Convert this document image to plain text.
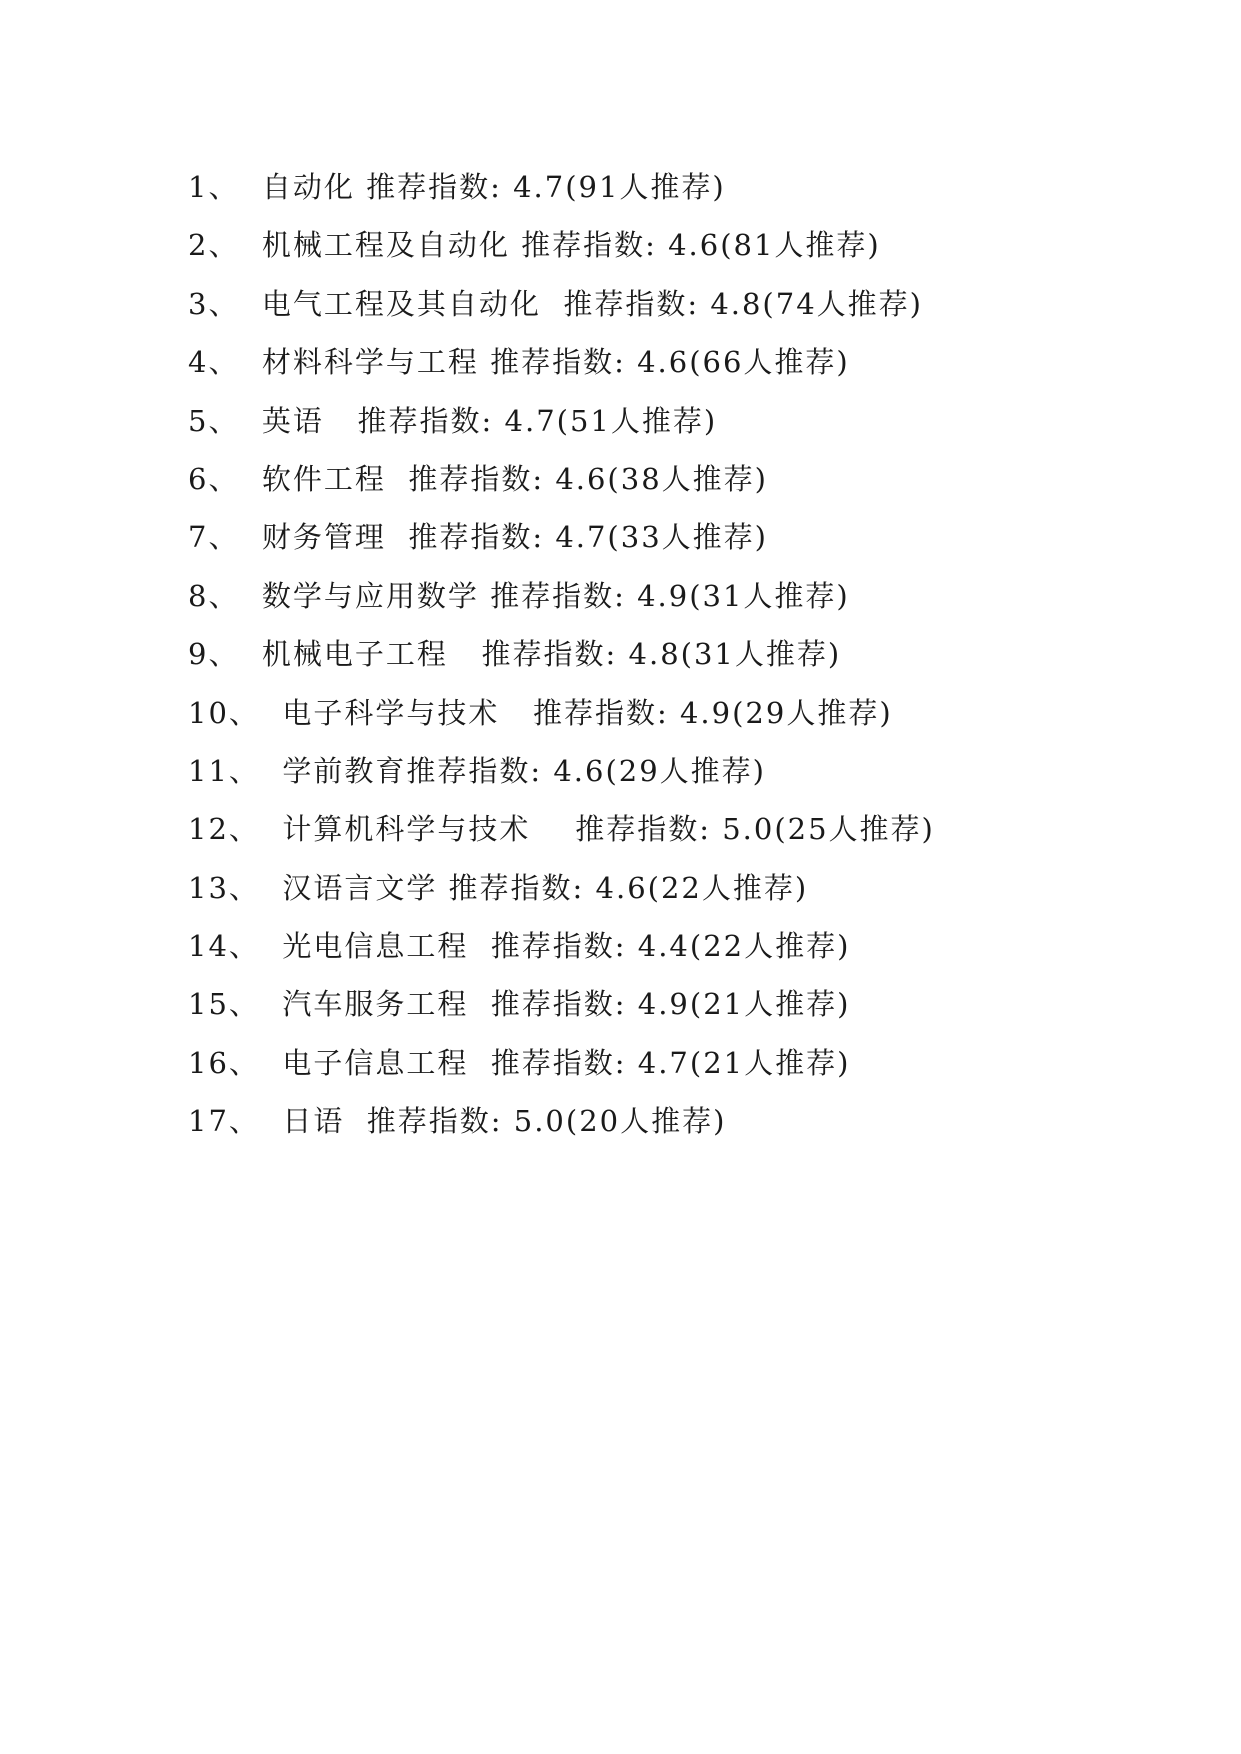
1、  自动化 推荐指数: 4.7(91人推荐)
2、  机械工程及自动化 推荐指数: 4.6(81人推荐)
3、  电气工程及其自动化  推荐指数: 4.8(74人推荐)
4、  材料科学与工程 推荐指数: 4.6(66人推荐)
5、  英语   推荐指数: 4.7(51人推荐)
6、  软件工程  推荐指数: 4.6(38人推荐)
7、  财务管理  推荐指数: 4.7(33人推荐)
8、  数学与应用数学 推荐指数: 4.9(31人推荐)
9、  机械电子工程   推荐指数: 4.8(31人推荐)
10、  电子科学与技术   推荐指数: 4.9(29人推荐)
11、  学前教育推荐指数: 4.6(29人推荐)
12、  计算机科学与技术    推荐指数: 5.0(25人推荐)
13、  汉语言文学 推荐指数: 4.6(22人推荐)
14、  光电信息工程  推荐指数: 4.4(22人推荐)
15、  汽车服务工程  推荐指数: 4.9(21人推荐)
16、  电子信息工程  推荐指数: 4.7(21人推荐)
17、  日语  推荐指数: 5.0(20人推荐)
